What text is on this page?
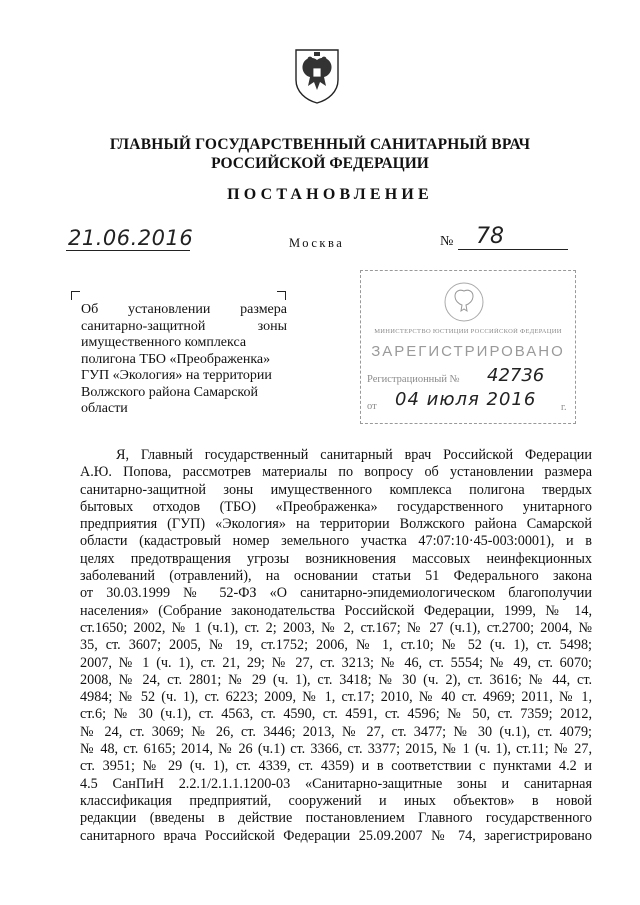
ГЛАВНЫЙ ГОСУДАРСТВЕННЫЙ САНИТАРНЫЙ ВРАЧ
РОССИЙСКОЙ ФЕДЕРАЦИИ
ПОСТАНОВЛЕНИЕ
21.06.2016	Москва	№ 78
Об установлении размера
санитарно-защитной зоны
имущественного комплекса
полигона ТБО «Преображенка»
ГУП «Экология» на территории
Волжского района Самарской
области
МИНИСТЕРСТВО ЮСТИЦИИ РОССИЙСКОЙ ФЕДЕРАЦИИ
ЗАРЕГИСТРИРОВАНО
Регистрационный № 42736
от 04 июля 2016 г.
Я, Главный государственный санитарный врач Российской Федерации
А.Ю. Попова, рассмотрев материалы по вопросу об установлении размера
санитарно-защитной зоны имущественного комплекса полигона твердых
бытовых отходов (ТБО) «Преображенка» государственного унитарного
предприятия (ГУП) «Экология» на территории Волжского района Самарской
области (кадастровый номер земельного участка 47:07:10·45-003:0001), и в
целях предотвращения угрозы возникновения массовых неинфекционных
заболеваний (отравлений), на основании статьи 51 Федерального закона
от 30.03.1999 № 52-ФЗ «О санитарно-эпидемиологическом благополучии
населения» (Собрание законодательства Российской Федерации, 1999, № 14,
ст.1650; 2002, № 1 (ч.1), ст. 2; 2003, № 2, ст.167; № 27 (ч.1), ст.2700; 2004, №
35, ст. 3607; 2005, № 19, ст.1752; 2006, № 1, ст.10; № 52 (ч. 1), ст. 5498;
2007, № 1 (ч. 1), ст. 21, 29; № 27, ст. 3213; № 46, ст. 5554; № 49, ст. 6070;
2008, № 24, ст. 2801; № 29 (ч. 1), ст. 3418; № 30 (ч. 2), ст. 3616; № 44, ст.
4984; № 52 (ч. 1), ст. 6223; 2009, № 1, ст.17; 2010, № 40 ст. 4969; 2011, № 1,
ст.6; № 30 (ч.1), ст. 4563, ст. 4590, ст. 4591, ст. 4596; № 50, ст. 7359; 2012,
№ 24, ст. 3069; № 26, ст. 3446; 2013, № 27, ст. 3477; № 30 (ч.1), ст. 4079;
№ 48, ст. 6165; 2014, № 26 (ч.1) ст. 3366, ст. 3377; 2015, № 1 (ч. 1), ст.11; № 27,
ст. 3951; № 29 (ч. 1), ст. 4339, ст. 4359) и в соответствии с пунктами 4.2 и
4.5 СанПиН 2.2.1/2.1.1.1200-03 «Санитарно-защитные зоны и санитарная
классификация предприятий, сооружений и иных объектов» в новой
редакции (введены в действие постановлением Главного государственного
санитарного врача Российской Федерации 25.09.2007 № 74, зарегистрировано
